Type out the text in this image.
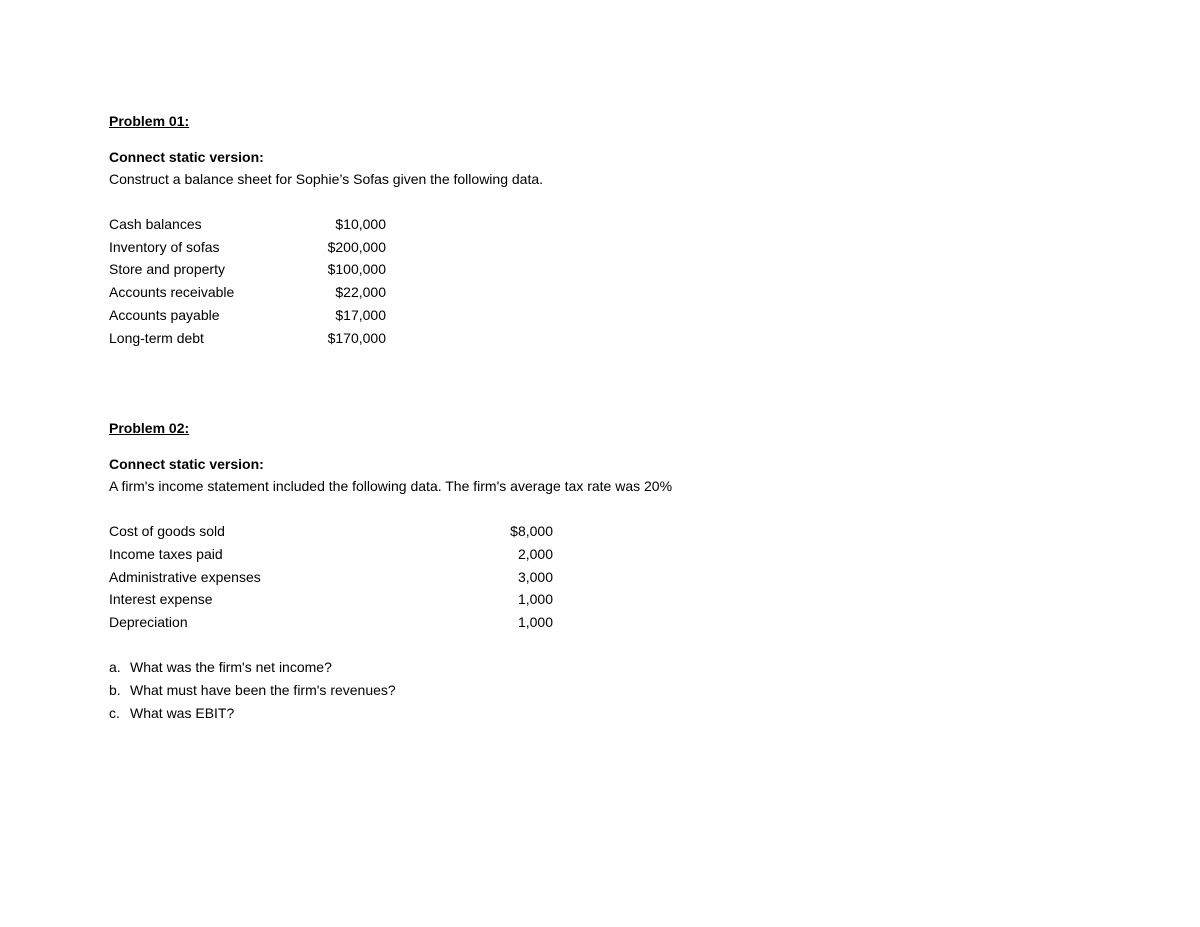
Problem 01:
Connect static version:
Construct a balance sheet for Sophie’s Sofas given the following data.
Cash balances	$10,000
Inventory of sofas	$200,000
Store and property	$100,000
Accounts receivable	$22,000
Accounts payable	$17,000
Long-term debt	$170,000
Problem 02:
Connect static version:
A firm's income statement included the following data. The firm's average tax rate was 20%
Cost of goods sold	$8,000
Income taxes paid	2,000
Administrative expenses	3,000
Interest expense	1,000
Depreciation	1,000
a. What was the firm's net income?
b. What must have been the firm's revenues?
c. What was EBIT?
